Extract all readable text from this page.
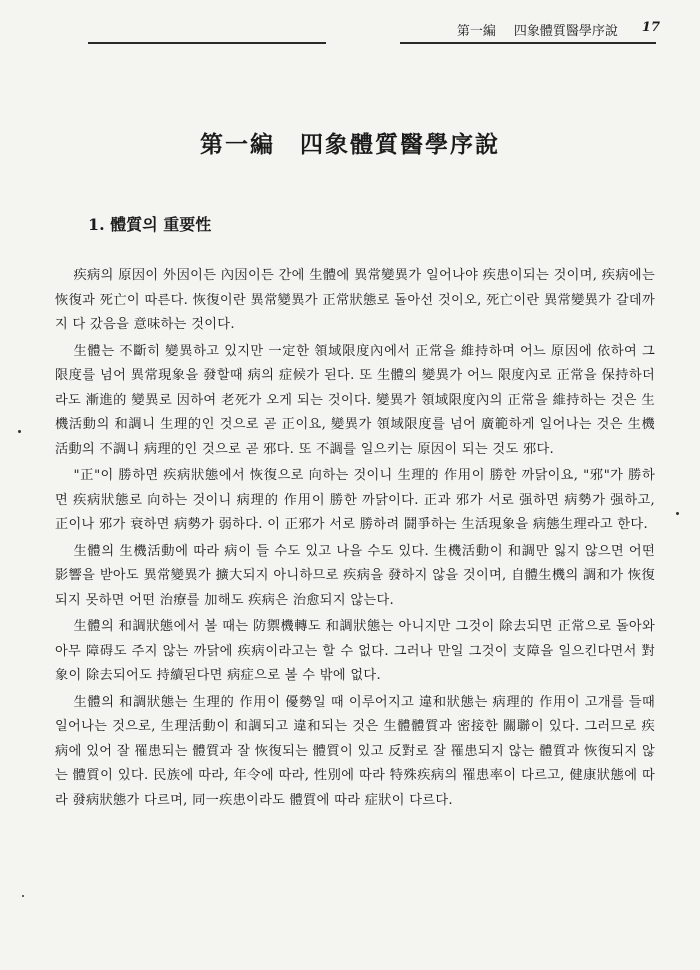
第一編 四象體質醫學序說 17
第一編　四象體質醫學序說
1. 體質의 重要性

疾病의 原因이 外因이든 內因이든 간에 生體에 異常變異가 일어나야 疾患이되는 것이며, 疾病에는 恢復과 死亡이 따른다. 恢復이란 異常變異가 正常狀態로 돌아선 것이오, 死亡이란 異常變異가 갈데까지 다 갔음을 意味하는 것이다.

生體는 不斷히 變異하고 있지만 一定한 領域限度內에서 正常을 維持하며 어느 原因에 依하여 그 限度를 넘어 異常現象을 發할때 病의 症候가 된다. 또 生體의 變異가 어느 限度內로 正常을 保持하더라도 漸進的 變異로 因하여 老死가 오게 되는 것이다. 變異가 領域限度內의 正常을 維持하는 것은 生機活動의 和調니 生理的인 것으로 곧 正이요, 變異가 領域限度를 넘어 廣範하게 일어나는 것은 生機活動의 不調니 病理的인 것으로 곧 邪다. 또 不調를 일으키는 原因이 되는 것도 邪다.

"正"이 勝하면 疾病狀態에서 恢復으로 向하는 것이니 生理的 作用이 勝한 까닭이요, "邪"가 勝하면 疾病狀態로 向하는 것이니 病理的 作用이 勝한 까닭이다. 正과 邪가 서로 强하면 病勢가 强하고, 正이나 邪가 衰하면 病勢가 弱하다. 이 正邪가 서로 勝하려 鬪爭하는 生活現象을 病態生理라고 한다.

生體의 生機活動에 따라 病이 들 수도 있고 나을 수도 있다. 生機活動이 和調만 잃지 않으면 어떤 影響을 받아도 異常變異가 擴大되지 아니하므로 疾病을 發하지 않을 것이며, 自體生機의 調和가 恢復되지 못하면 어떤 治療를 加해도 疾病은 治愈되지 않는다.

生體의 和調狀態에서 볼 때는 防禦機轉도 和調狀態는 아니지만 그것이 除去되면 正常으로 돌아와 아무 障碍도 주지 않는 까닭에 疾病이라고는 할 수 없다. 그러나 만일 그것이 支障을 일으킨다면서 對象이 除去되어도 持續된다면 病症으로 볼 수 밖에 없다.

生體의 和調狀態는 生理的 作用이 優勢일 때 이루어지고 違和狀態는 病理的 作用이 고개를 들때 일어나는 것으로, 生理活動이 和調되고 違和되는 것은 生體體質과 密接한 關聯이 있다. 그러므로 疾病에 있어 잘 罹患되는 體質과 잘 恢復되는 體質이 있고 反對로 잘 罹患되지 않는 體質과 恢復되지 않는 體質이 있다. 民族에 따라, 年令에 따라, 性別에 따라 特殊疾病의 罹患率이 다르고, 健康狀態에 따라 發病狀態가 다르며, 同一疾患이라도 體質에 따라 症狀이 다르다.
